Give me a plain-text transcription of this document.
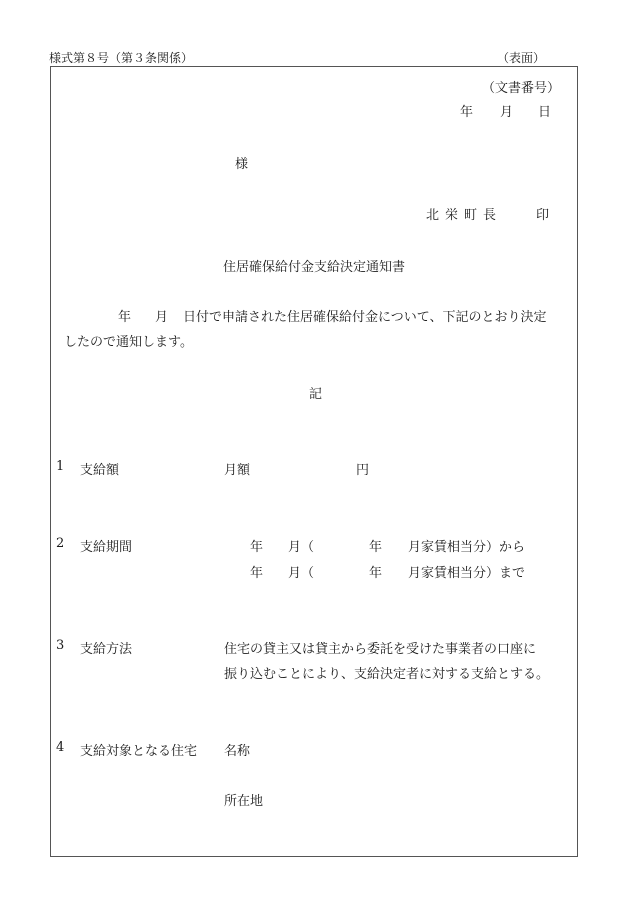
様式第８号（第３条関係）	（表面）
（文書番号）
年 月 日
様
北栄町長	印
住居確保給付金支給決定通知書
年 月 日付で申請された住居確保給付金について、下記のとおり決定
したので通知します。
記
1 支給額	月額	円
2 支給期間	年 月（	年 月家賃相当分）から
年 月（	年 月家賃相当分）まで
3 支給方法	住宅の貸主又は貸主から委託を受けた事業者の口座に
振り込むことにより、支給決定者に対する支給とする。
4 支給対象となる住宅 名称
所在地
